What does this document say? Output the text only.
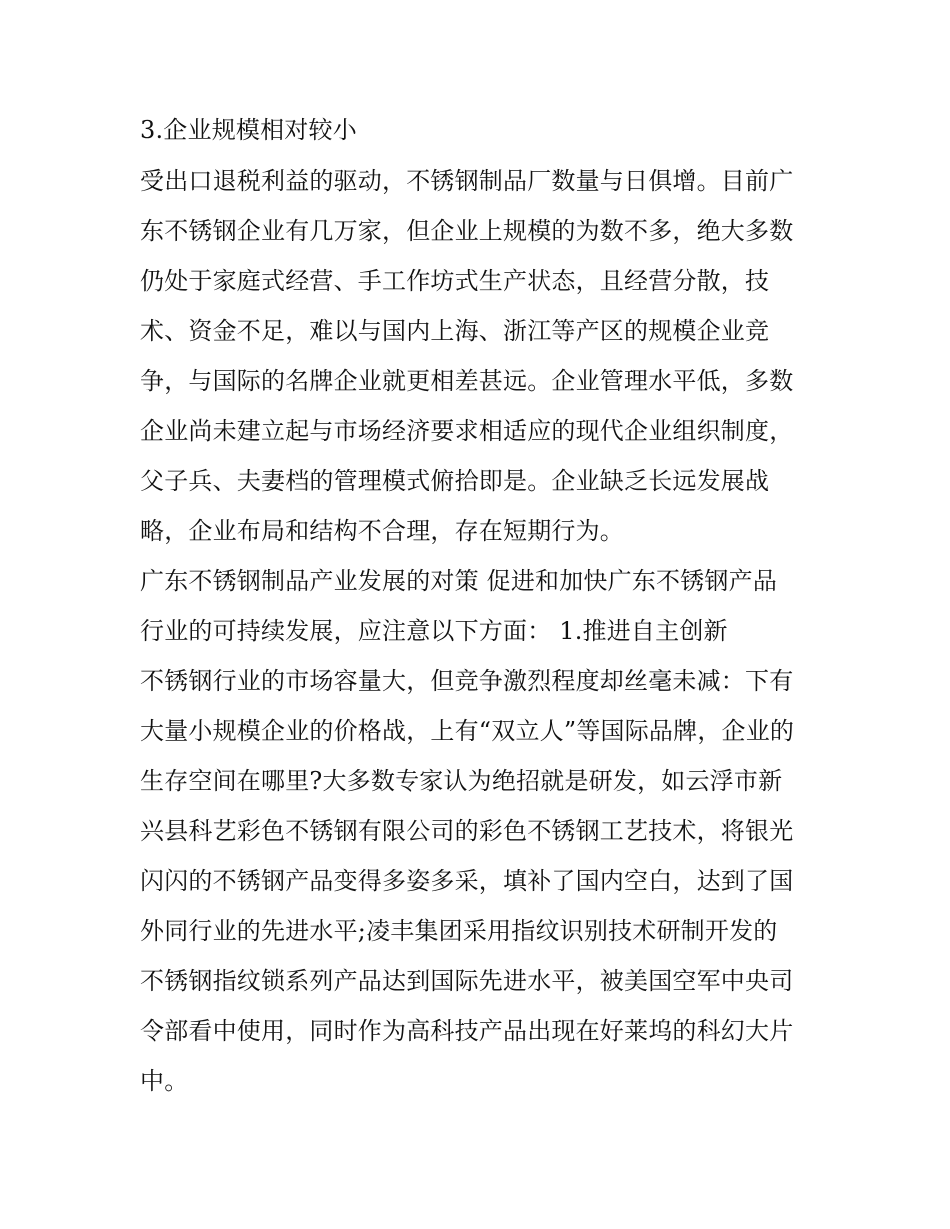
3.企业规模相对较小
受出口退税利益的驱动，不锈钢制品厂数量与日俱增。目前广
东不锈钢企业有几万家，但企业上规模的为数不多，绝大多数
仍处于家庭式经营、手工作坊式生产状态，且经营分散，技
术、资金不足，难以与国内上海、浙江等产区的规模企业竞
争，与国际的名牌企业就更相差甚远。企业管理水平低，多数
企业尚未建立起与市场经济要求相适应的现代企业组织制度，
父子兵、夫妻档的管理模式俯拾即是。企业缺乏长远发展战
略，企业布局和结构不合理，存在短期行为。
广东不锈钢制品产业发展的对策 促进和加快广东不锈钢产品
行业的可持续发展，应注意以下方面： 1.推进自主创新
不锈钢行业的市场容量大，但竞争激烈程度却丝毫未减：下有
大量小规模企业的价格战，上有“双立人”等国际品牌，企业的
生存空间在哪里?大多数专家认为绝招就是研发，如云浮市新
兴县科艺彩色不锈钢有限公司的彩色不锈钢工艺技术，将银光
闪闪的不锈钢产品变得多姿多采，填补了国内空白，达到了国
外同行业的先进水平;凌丰集团采用指纹识别技术研制开发的
不锈钢指纹锁系列产品达到国际先进水平，被美国空军中央司
令部看中使用，同时作为高科技产品出现在好莱坞的科幻大片
中。
